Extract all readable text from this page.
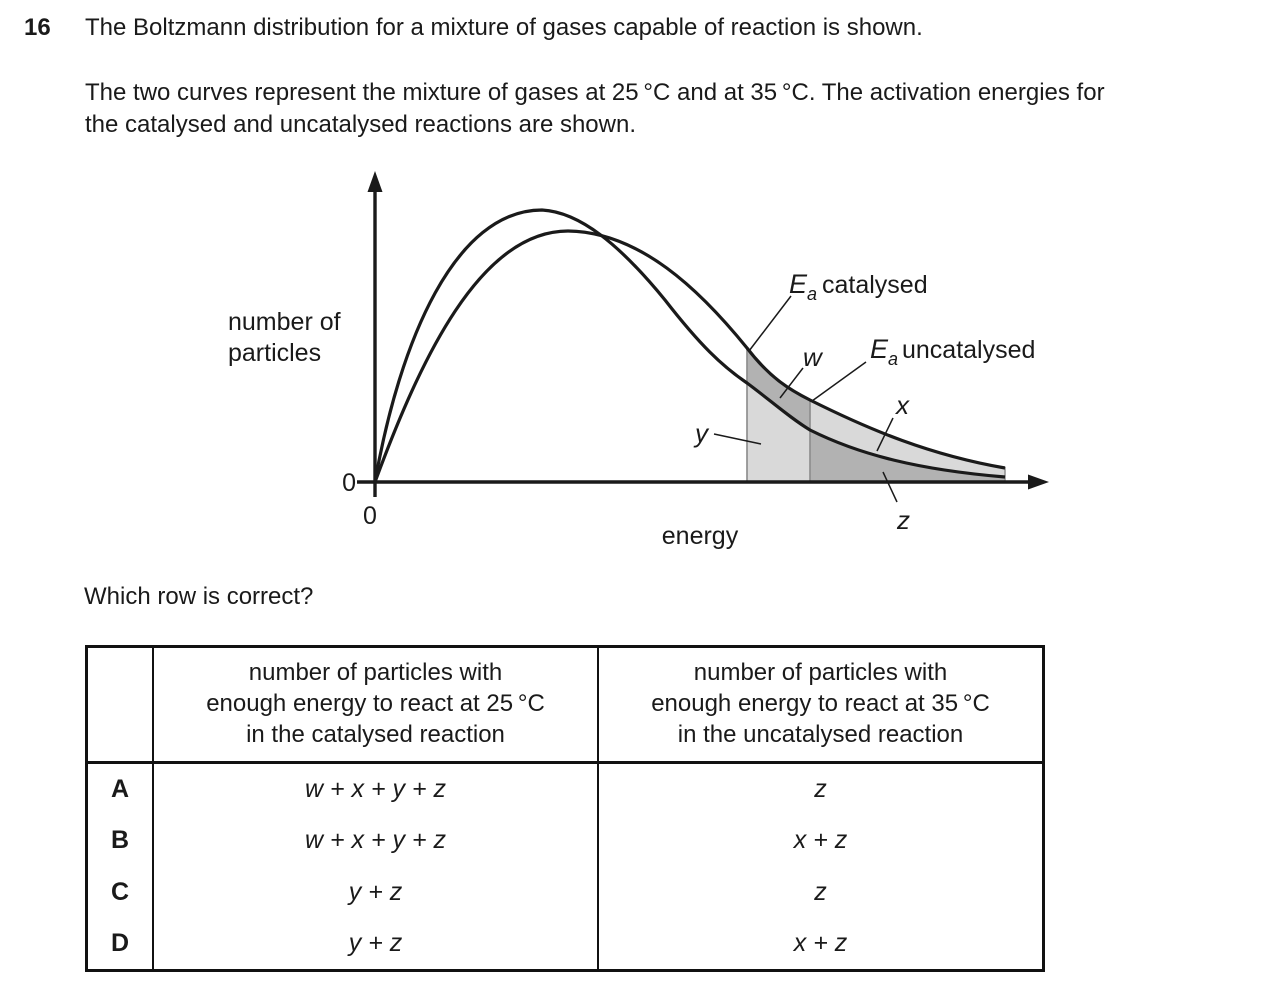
16 The Boltzmann distribution for a mixture of gases capable of reaction is shown.
The two curves represent the mixture of gases at 25 °C and at 35 °C. The activation energies for
the catalysed and uncatalysed reactions are shown.
number of
particles
energy
0
0
E a catalysed
E a uncatalysed
w
x
y
z
Which row is correct?

number of particles with
enough energy to react at 25 °C
in the catalysed reaction

number of particles with
enough energy to react at 35 °C
in the uncatalysed reaction

A	w + x + y + z	z
B	w + x + y + z	x + z
C	y + z	z
D	y + z	x + z
